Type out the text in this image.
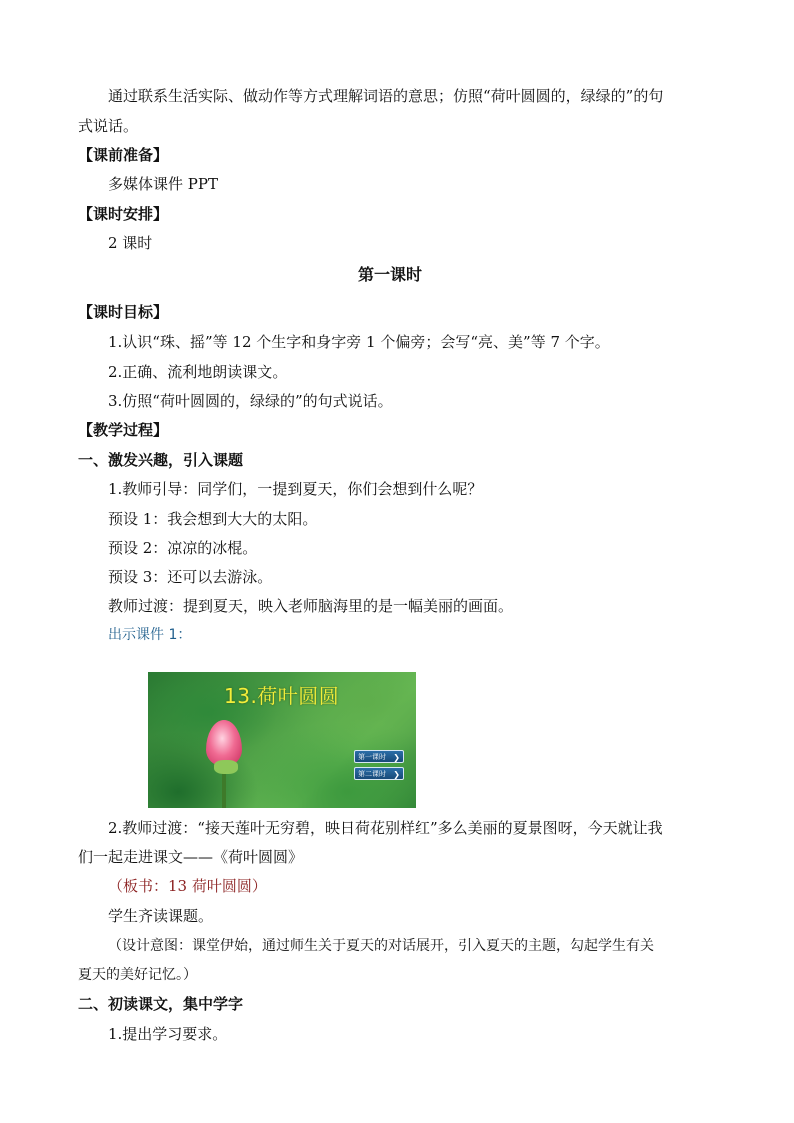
通过联系生活实际、做动作等方式理解词语的意思；仿照“荷叶圆圆的，绿绿的”的句
式说话。
【课前准备】
多媒体课件 PPT
【课时安排】
2 课时
第一课时
【课时目标】
1.认识“珠、摇”等 12 个生字和身字旁 1 个偏旁；会写“亮、美”等 7 个字。
2.正确、流利地朗读课文。
3.仿照“荷叶圆圆的，绿绿的”的句式说话。
【教学过程】
一、激发兴趣，引入课题
1.教师引导：同学们，一提到夏天，你们会想到什么呢？
预设 1：我会想到大大的太阳。
预设 2：凉凉的冰棍。
预设 3：还可以去游泳。
教师过渡：提到夏天，映入老师脑海里的是一幅美丽的画面。
出示课件 1：
13.荷叶圆圆
第一课时 ❯
第二课时 ❯
2.教师过渡：“接天莲叶无穷碧，映日荷花别样红”多么美丽的夏景图呀，今天就让我
们一起走进课文——《荷叶圆圆》
（板书：13 荷叶圆圆）
学生齐读课题。
（设计意图：课堂伊始，通过师生关于夏天的对话展开，引入夏天的主题，勾起学生有关
夏天的美好记忆。）
二、初读课文，集中学字
1.提出学习要求。
